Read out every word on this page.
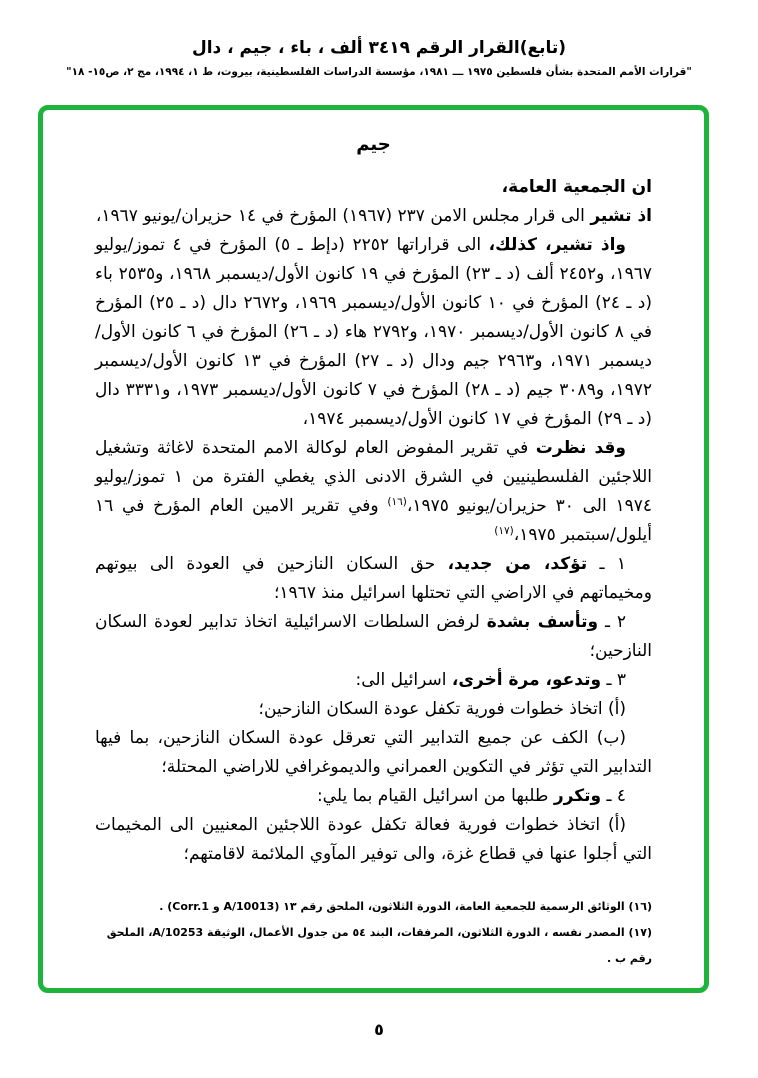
(تابع)القرار الرقم ٣٤١٩ ألف ، باء ، جيم ، دال
"قرارات الأمم المتحدة بشأن فلسطين ١٩٧٥ ـــ ١٩٨١، مؤسسة الدراسات الفلسطينية، بيروت، ط ١، ١٩٩٤، مج ٢، ص١٥- ١٨"
جيم

ان الجمعية العامة،

اذ تشير الى قرار مجلس الامن ٢٣٧ (١٩٦٧) المؤرخ في ١٤ حزيران/يونيو ١٩٦٧،

واذ تشير، كذلك، الى قراراتها ٢٢٥٢ (دإط ـ ٥) المؤرخ في ٤ تموز/يوليو ١٩٦٧، و٢٤٥٢ ألف (د ـ ٢٣) المؤرخ في ١٩ كانون الأول/ديسمبر ١٩٦٨، و٢٥٣٥ باء (د ـ ٢٤) المؤرخ في ١٠ كانون الأول/ديسمبر ١٩٦٩، و٢٦٧٢ دال (د ـ ٢٥) المؤرخ في ٨ كانون الأول/ديسمبر ١٩٧٠، و٢٧٩٢ هاء (د ـ ٢٦) المؤرخ في ٦ كانون الأول/ديسمبر ١٩٧١، و٢٩٦٣ جيم ودال (د ـ ٢٧) المؤرخ في ١٣ كانون الأول/ديسمبر ١٩٧٢، و٣٠٨٩ جيم (د ـ ٢٨) المؤرخ في ٧ كانون الأول/ديسمبر ١٩٧٣، و٣٣٣١ دال (د ـ ٢٩) المؤرخ في ١٧ كانون الأول/ديسمبر ١٩٧٤،

وقد نظرت في تقرير المفوض العام لوكالة الامم المتحدة لاغاثة وتشغيل اللاجئين الفلسطينيين في الشرق الادنى الذي يغطي الفترة من ١ تموز/يوليو ١٩٧٤ الى ٣٠ حزيران/يونيو ١٩٧٥،$^{(١٦)}$ وفي تقرير الامين العام المؤرخ في ١٦ أيلول/سبتمبر ١٩٧٥،$^{(١٧)}$

١ ـ تؤكد، من جديد، حق السكان النازحين في العودة الى بيوتهم ومخيماتهم في الاراضي التي تحتلها اسرائيل منذ ١٩٦٧؛

٢ ـ وتأسف بشدة لرفض السلطات الاسرائيلية اتخاذ تدابير لعودة السكان النازحين؛

٣ ـ وتدعو، مرة أخرى، اسرائيل الى:

(أ) اتخاذ خطوات فورية تكفل عودة السكان النازحين؛

(ب) الكف عن جميع التدابير التي تعرقل عودة السكان النازحين، بما فيها التدابير التي تؤثر في التكوين العمراني والديموغرافي للاراضي المحتلة؛

٤ ـ وتكرر طلبها من اسرائيل القيام بما يلي:

(أ) اتخاذ خطوات فورية فعالة تكفل عودة اللاجئين المعنيين الى المخيمات التي أجلوا عنها في قطاع غزة، والى توفير المآوي الملائمة لاقامتهم؛

(١٦) الوثائق الرسمية للجمعية العامة، الدورة الثلاثون، الملحق رقم ١٣ (A/10013 و Corr.1) .
(١٧) المصدر نفسه ، الدورة الثلاثون، المرفقات، البند ٥٤ من جدول الأعمال، الوثيقة A/10253، الملحق رقم ب .
٥
